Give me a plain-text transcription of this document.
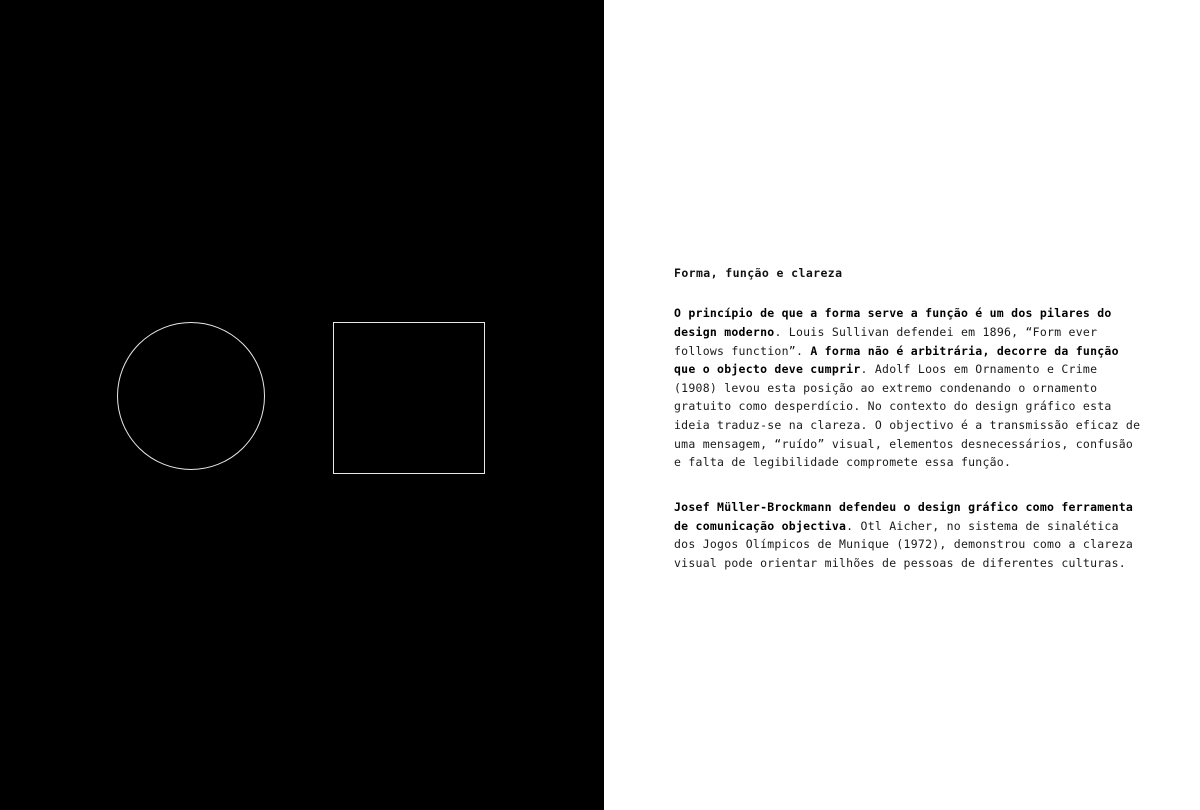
Forma, função e clareza

O princípio de que a forma serve a função é um dos pilares do design moderno. Louis Sullivan defendei em 1896, “Form ever follows function”. A forma não é arbitrária, decorre da função que o objecto deve cumprir. Adolf Loos em Ornamento e Crime (1908) levou esta posição ao extremo condenando o ornamento gratuito como desperdício. No contexto do design gráfico esta ideia traduz-se na clareza. O objectivo é a transmissão eficaz de uma mensagem, “ruído” visual, elementos desnecessários, confusão e falta de legibilidade compromete essa função.

Josef Müller-Brockmann defendeu o design gráfico como ferramenta de comunicação objectiva. Otl Aicher, no sistema de sinalética dos Jogos Olímpicos de Munique (1972), demonstrou como a clareza visual pode orientar milhões de pessoas de diferentes culturas.
